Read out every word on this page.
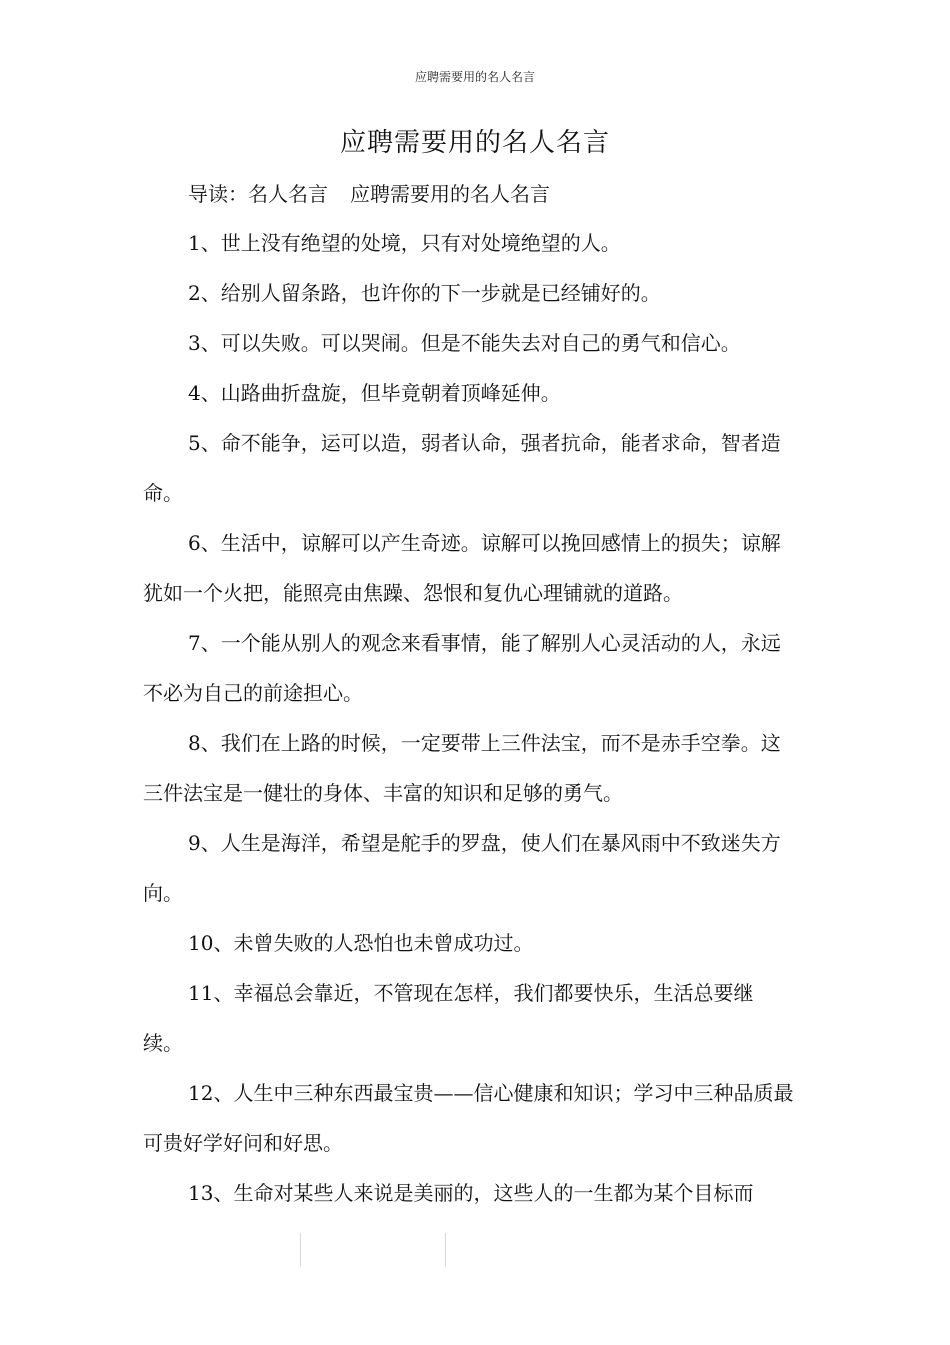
应聘需要用的名人名言
应聘需要用的名人名言
导读：名人名言 应聘需要用的名人名言

1、世上没有绝望的处境，只有对处境绝望的人。

2、给别人留条路，也许你的下一步就是已经铺好的。

3、可以失败。可以哭闹。但是不能失去对自己的勇气和信心。

4、山路曲折盘旋，但毕竟朝着顶峰延伸。

5、命不能争，运可以造，弱者认命，强者抗命，能者求命，智者造命。

6、生活中，谅解可以产生奇迹。谅解可以挽回感情上的损失；谅解犹如一个火把，能照亮由焦躁、怨恨和复仇心理铺就的道路。

7、一个能从别人的观念来看事情，能了解别人心灵活动的人，永远不必为自己的前途担心。

8、我们在上路的时候，一定要带上三件法宝，而不是赤手空拳。这三件法宝是一健壮的身体、丰富的知识和足够的勇气。

9、人生是海洋，希望是舵手的罗盘，使人们在暴风雨中不致迷失方向。

10、未曾失败的人恐怕也未曾成功过。

11、幸福总会靠近，不管现在怎样，我们都要快乐，生活总要继续。

12、人生中三种东西最宝贵——信心健康和知识；学习中三种品质最可贵好学好问和好思。

13、生命对某些人来说是美丽的，这些人的一生都为某个目标而
